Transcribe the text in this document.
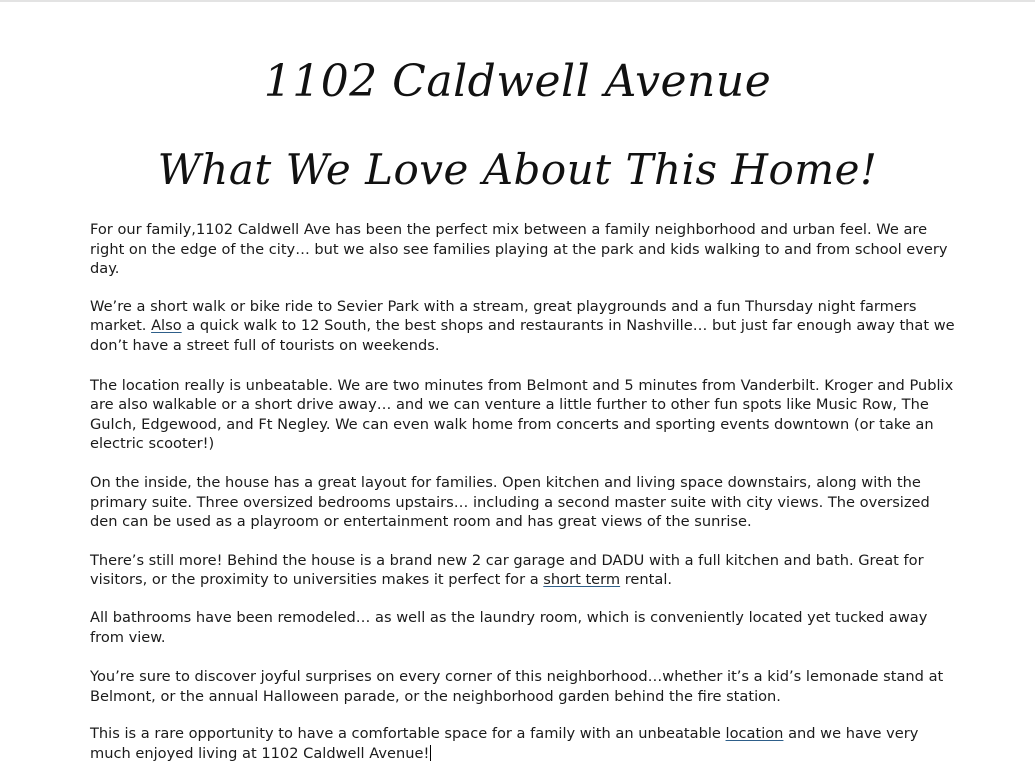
1102 Caldwell Avenue
What We Love About This Home!

For our family,1102 Caldwell Ave has been the perfect mix between a family neighborhood and urban feel. We are right on the edge of the city… but we also see families playing at the park and kids walking to and from school every day.

We’re a short walk or bike ride to Sevier Park with a stream, great playgrounds and a fun Thursday night farmers market. Also a quick walk to 12 South, the best shops and restaurants in Nashville… but just far enough away that we don’t have a street full of tourists on weekends.

The location really is unbeatable. We are two minutes from Belmont and 5 minutes from Vanderbilt. Kroger and Publix are also walkable or a short drive away… and we can venture a little further to other fun spots like Music Row, The Gulch, Edgewood, and Ft Negley. We can even walk home from concerts and sporting events downtown (or take an electric scooter!)

On the inside, the house has a great layout for families. Open kitchen and living space downstairs, along with the primary suite. Three oversized bedrooms upstairs… including a second master suite with city views. The oversized den can be used as a playroom or entertainment room and has great views of the sunrise.

There’s still more! Behind the house is a brand new 2 car garage and DADU with a full kitchen and bath. Great for visitors, or the proximity to universities makes it perfect for a short term rental.

All bathrooms have been remodeled… as well as the laundry room, which is conveniently located yet tucked away from view.

You’re sure to discover joyful surprises on every corner of this neighborhood…whether it’s a kid’s lemonade stand at Belmont, or the annual Halloween parade, or the neighborhood garden behind the fire station.

This is a rare opportunity to have a comfortable space for a family with an unbeatable location and we have very much enjoyed living at 1102 Caldwell Avenue!
